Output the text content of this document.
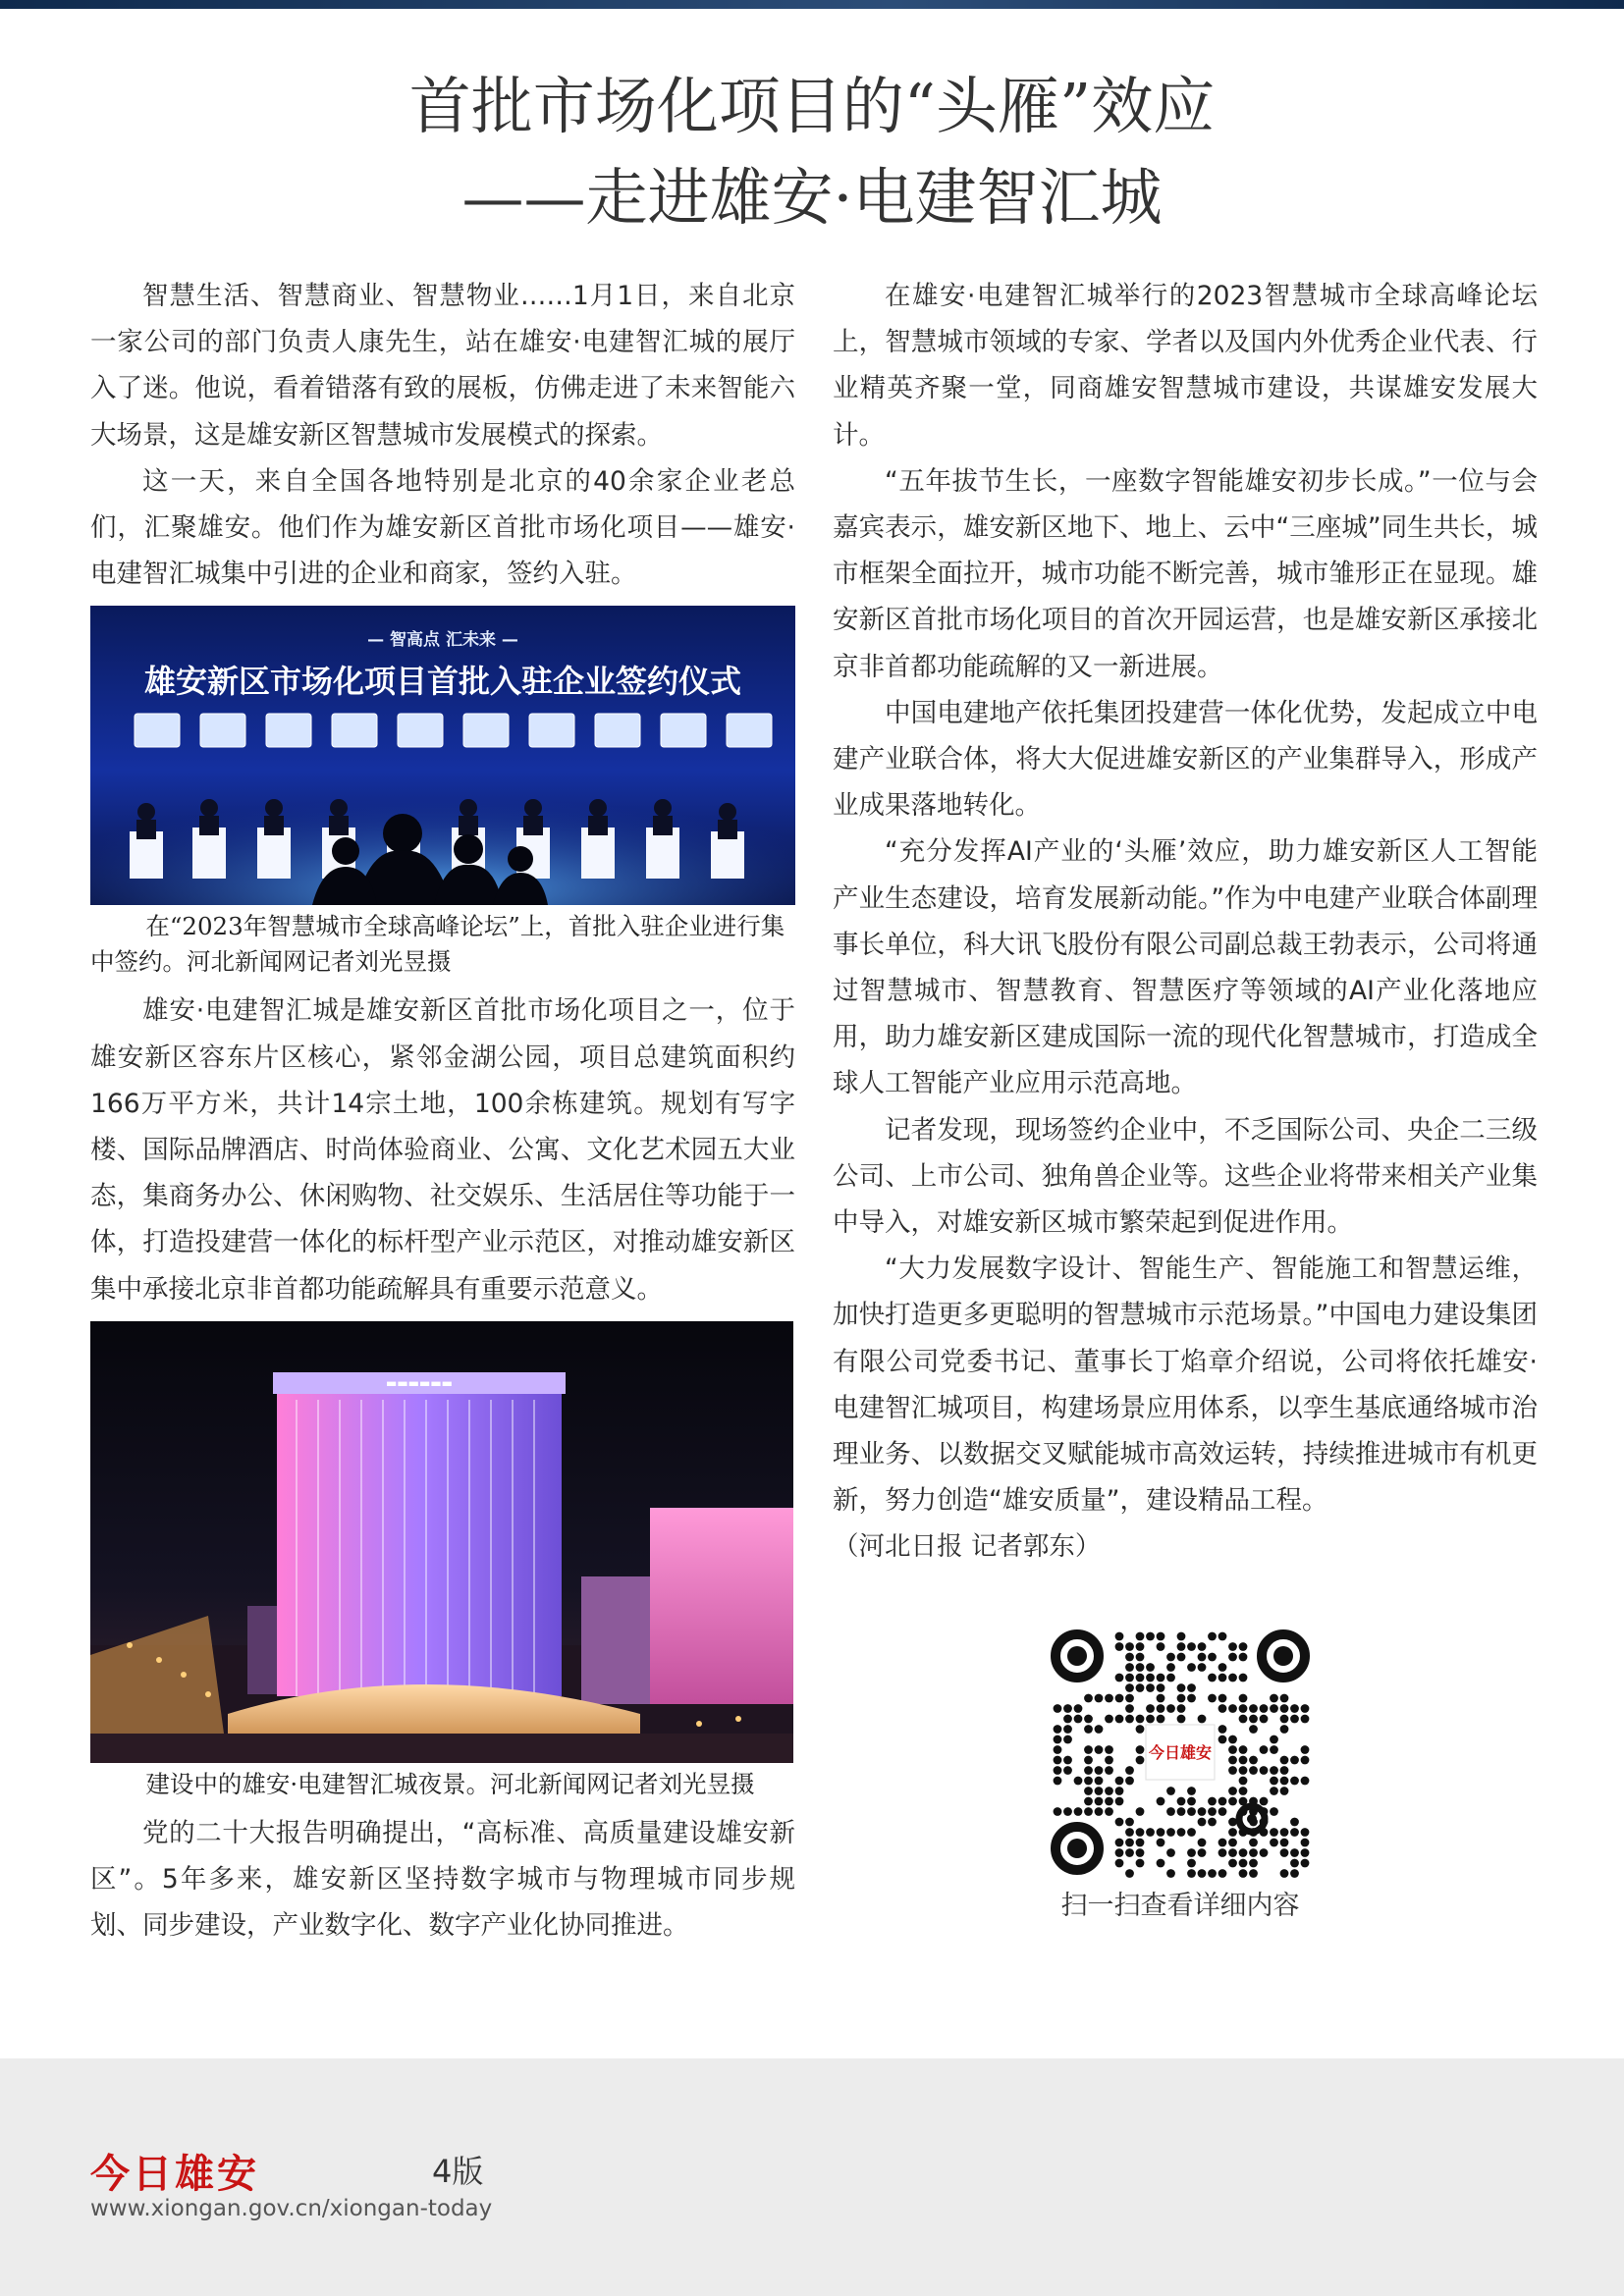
首批市场化项目的“头雁”效应
——走进雄安·电建智汇城

智慧生活、智慧商业、智慧物业……1月1日，来自北京一家公司的部门负责人康先生，站在雄安·电建智汇城的展厅入了迷。他说，看着错落有致的展板，仿佛走进了未来智能六大场景，这是雄安新区智慧城市发展模式的探索。

这一天，来自全国各地特别是北京的40余家企业老总们，汇聚雄安。他们作为雄安新区首批市场化项目——雄安·电建智汇城集中引进的企业和商家，签约入驻。

— 智高点 汇未来 —
雄安新区市场化项目首批入驻企业签约仪式
在“2023年智慧城市全球高峰论坛”上，首批入驻企业进行集中签约。河北新闻网记者刘光昱摄

雄安·电建智汇城是雄安新区首批市场化项目之一，位于雄安新区容东片区核心，紧邻金湖公园，项目总建筑面积约166万平方米，共计14宗土地，100余栋建筑。规划有写字楼、国际品牌酒店、时尚体验商业、公寓、文化艺术园五大业态，集商务办公、休闲购物、社交娱乐、生活居住等功能于一体，打造投建营一体化的标杆型产业示范区，对推动雄安新区集中承接北京非首都功能疏解具有重要示范意义。

▬▬▬▬▬▬
建设中的雄安·电建智汇城夜景。河北新闻网记者刘光昱摄

党的二十大报告明确提出，“高标准、高质量建设雄安新区”。5年多来，雄安新区坚持数字城市与物理城市同步规划、同步建设，产业数字化、数字产业化协同推进。

在雄安·电建智汇城举行的2023智慧城市全球高峰论坛上，智慧城市领域的专家、学者以及国内外优秀企业代表、行业精英齐聚一堂，同商雄安智慧城市建设，共谋雄安发展大计。

“五年拔节生长，一座数字智能雄安初步长成。”一位与会嘉宾表示，雄安新区地下、地上、云中“三座城”同生共长，城市框架全面拉开，城市功能不断完善，城市雏形正在显现。雄安新区首批市场化项目的首次开园运营，也是雄安新区承接北京非首都功能疏解的又一新进展。

中国电建地产依托集团投建营一体化优势，发起成立中电建产业联合体，将大大促进雄安新区的产业集群导入，形成产业成果落地转化。

“充分发挥AI产业的‘头雁’效应，助力雄安新区人工智能产业生态建设，培育发展新动能。”作为中电建产业联合体副理事长单位，科大讯飞股份有限公司副总裁王勃表示，公司将通过智慧城市、智慧教育、智慧医疗等领域的AI产业化落地应用，助力雄安新区建成国际一流的现代化智慧城市，打造成全球人工智能产业应用示范高地。

记者发现，现场签约企业中，不乏国际公司、央企二三级公司、上市公司、独角兽企业等。这些企业将带来相关产业集中导入，对雄安新区城市繁荣起到促进作用。

“大力发展数字设计、智能生产、智能施工和智慧运维，加快打造更多更聪明的智慧城市示范场景。”中国电力建设集团有限公司党委书记、董事长丁焰章介绍说，公司将依托雄安·电建智汇城项目，构建场景应用体系，以孪生基底通络城市治理业务、以数据交叉赋能城市高效运转，持续推进城市有机更新，努力创造“雄安质量”，建设精品工程。

（河北日报 记者郭东）

今日雄安
扫一扫查看详细内容
今日雄安	4版
www.xiongan.gov.cn/xiongan-today
